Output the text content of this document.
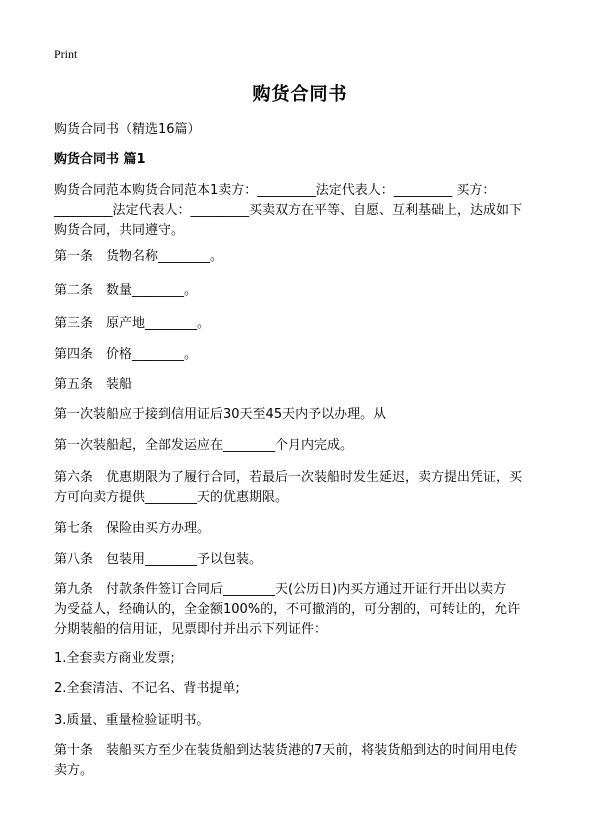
Print
购货合同书
购货合同书（精选16篇）
购货合同书 篇1
购货合同范本购货合同范本1卖方：_________法定代表人：_________ 买方：
_________法定代表人：_________买卖双方在平等、自愿、互利基础上，达成如下
购货合同，共同遵守。
第一条　货物名称________。
第二条　数量________。
第三条　原产地________。
第四条　价格________。
第五条　装船
第一次装船应于接到信用证后30天至45天内予以办理。从
第一次装船起，全部发运应在________个月内完成。
第六条　优惠期限为了履行合同，若最后一次装船时发生延迟，卖方提出凭证，买
方可向卖方提供________天的优惠期限。
第七条　保险由买方办理。
第八条　包装用________予以包装。
第九条　付款条件签订合同后________天(公历日)内买方通过开证行开出以卖方
为受益人，经确认的，全金额100%的，不可撤消的，可分割的，可转让的，允许
分期装船的信用证，见票即付并出示下列证件：
1.全套卖方商业发票;
2.全套清洁、不记名、背书提单;
3.质量、重量检验证明书。
第十条　装船买方至少在装货船到达装货港的7天前，将装货船到达的时间用电传
卖方。
